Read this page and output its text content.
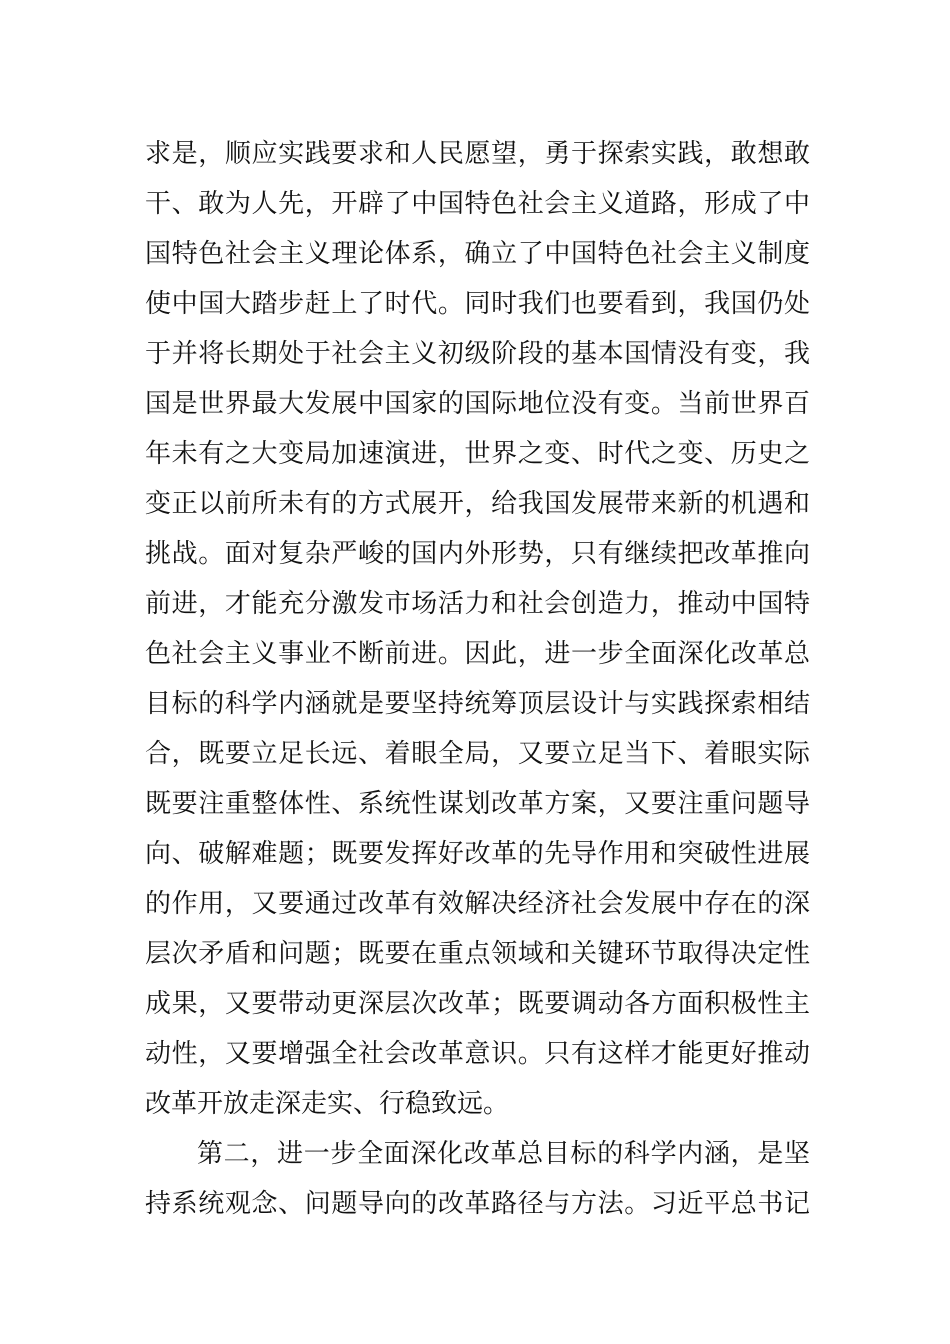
求是，顺应实践要求和人民愿望，勇于探索实践，敢想敢
干、敢为人先，开辟了中国特色社会主义道路，形成了中
国特色社会主义理论体系，确立了中国特色社会主义制度
使中国大踏步赶上了时代。同时我们也要看到，我国仍处
于并将长期处于社会主义初级阶段的基本国情没有变，我
国是世界最大发展中国家的国际地位没有变。当前世界百
年未有之大变局加速演进，世界之变、时代之变、历史之
变正以前所未有的方式展开，给我国发展带来新的机遇和
挑战。面对复杂严峻的国内外形势，只有继续把改革推向
前进，才能充分激发市场活力和社会创造力，推动中国特
色社会主义事业不断前进。因此，进一步全面深化改革总
目标的科学内涵就是要坚持统筹顶层设计与实践探索相结
合，既要立足长远、着眼全局，又要立足当下、着眼实际
既要注重整体性、系统性谋划改革方案，又要注重问题导
向、破解难题；既要发挥好改革的先导作用和突破性进展
的作用，又要通过改革有效解决经济社会发展中存在的深
层次矛盾和问题；既要在重点领域和关键环节取得决定性
成果，又要带动更深层次改革；既要调动各方面积极性主
动性，又要增强全社会改革意识。只有这样才能更好推动
改革开放走深走实、行稳致远。
第二，进一步全面深化改革总目标的科学内涵，是坚
持系统观念、问题导向的改革路径与方法。习近平总书记
